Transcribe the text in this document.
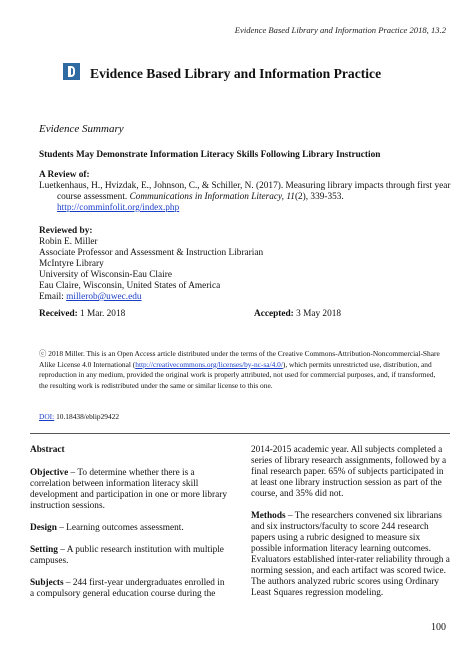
Evidence Based Library and Information Practice 2018, 13.2
Evidence Based Library and Information Practice
Evidence Summary
Students May Demonstrate Information Literacy Skills Following Library Instruction
A Review of:
Luetkenhaus, H., Hvizdak, E., Johnson, C., & Schiller, N. (2017). Measuring library impacts through first year course assessment. Communications in Information Literacy, 11(2), 339-353.
http://comminfolit.org/index.php
Reviewed by:
Robin E. Miller
Associate Professor and Assessment & Instruction Librarian
McIntyre Library
University of Wisconsin-Eau Claire
Eau Claire, Wisconsin, United States of America
Email: millerob@uwec.edu
Received: 1 Mar. 2018	Accepted: 3 May 2018
ⓒ 2018 Miller. This is an Open Access article distributed under the terms of the Creative Commons-Attribution-Noncommercial-Share Alike License 4.0 International (http://creativecommons.org/licenses/by-nc-sa/4.0/), which permits unrestricted use, distribution, and reproduction in any medium, provided the original work is properly attributed, not used for commercial purposes, and, if transformed, the resulting work is redistributed under the same or similar license to this one.
DOI: 10.18438/eblip29422
Abstract

Objective – To determine whether there is a correlation between information literacy skill development and participation in one or more library instruction sessions.

Design – Learning outcomes assessment.

Setting – A public research institution with multiple campuses.

Subjects – 244 first-year undergraduates enrolled in a compulsory general education course during the

2014-2015 academic year. All subjects completed a series of library research assignments, followed by a final research paper. 65% of subjects participated in at least one library instruction session as part of the course, and 35% did not.

Methods – The researchers convened six librarians and six instructors/faculty to score 244 research papers using a rubric designed to measure six possible information literacy learning outcomes. Evaluators established inter-rater reliability through a norming session, and each artifact was scored twice. The authors analyzed rubric scores using Ordinary Least Squares regression modeling.

100
